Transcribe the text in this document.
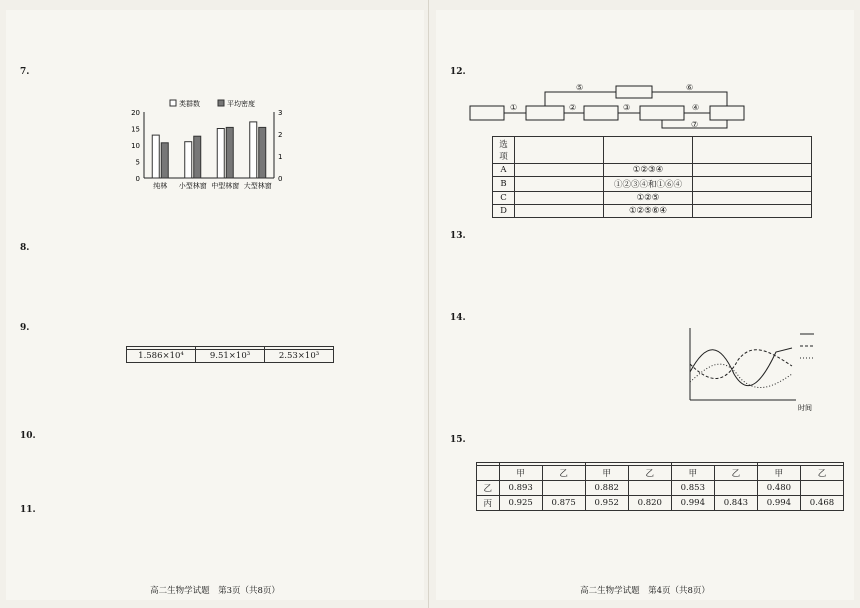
7.
0
5
10
15
20
0
1
2
3
纯林 小型林窗 中型林窗 大型林窗
类群数	平均密度
8.
9.

1.586×10⁴	9.51×10³	2.53×10³
10.
11.
高二生物学试题　第3页（共8页）
12.
①	②	③	④
⑤	⑥
⑦
选项			
A		①②③④	
B		①②③④和①⑥④	
C		①②⑤	
D		①②⑤⑥④	
13.
14.
时间
15.

	甲	乙	甲	乙	甲	乙	甲	乙
乙	0.893		0.882		0.853		0.480	
丙	0.925	0.875	0.952	0.820	0.994	0.843	0.994	0.468
高二生物学试题　第4页（共8页）
